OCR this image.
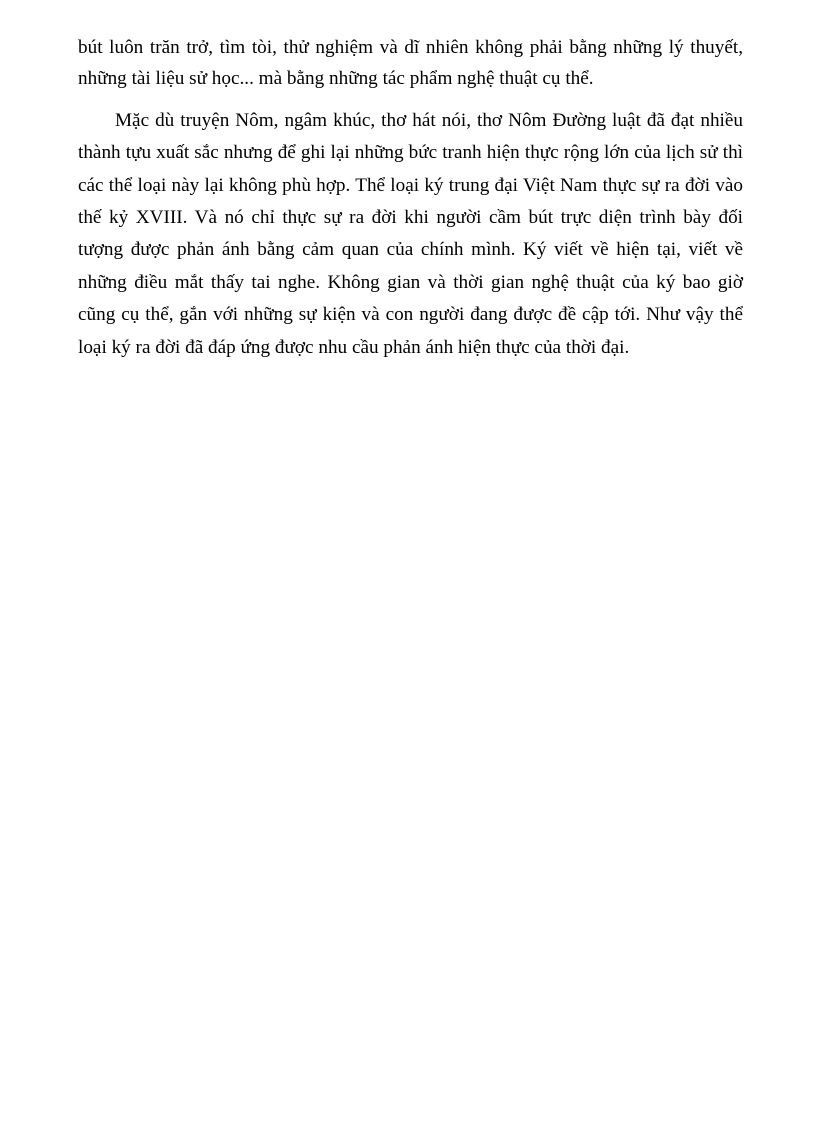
bút luôn trăn trở, tìm tòi, thử nghiệm và dĩ nhiên không phải bằng những lý thuyết,
những tài liệu sử học... mà bằng những tác phẩm nghệ thuật cụ thể.
Mặc dù truyện Nôm, ngâm khúc, thơ hát nói, thơ Nôm Đường luật đã đạt nhiều
thành tựu xuất sắc nhưng để ghi lại những bức tranh hiện thực rộng lớn của lịch sử thì
các thể loại này lại không phù hợp. Thể loại ký trung đại Việt Nam thực sự ra đời vào
thế kỷ XVIII. Và nó chỉ thực sự ra đời khi người cầm bút trực diện trình bày đối
tượng được phản ánh bằng cảm quan của chính mình. Ký viết về hiện tại, viết về
những điều mắt thấy tai nghe. Không gian và thời gian nghệ thuật của ký bao giờ
cũng cụ thể, gắn với những sự kiện và con người đang được đề cập tới. Như vậy thể
loại ký ra đời đã đáp ứng được nhu cầu phản ánh hiện thực của thời đại.
